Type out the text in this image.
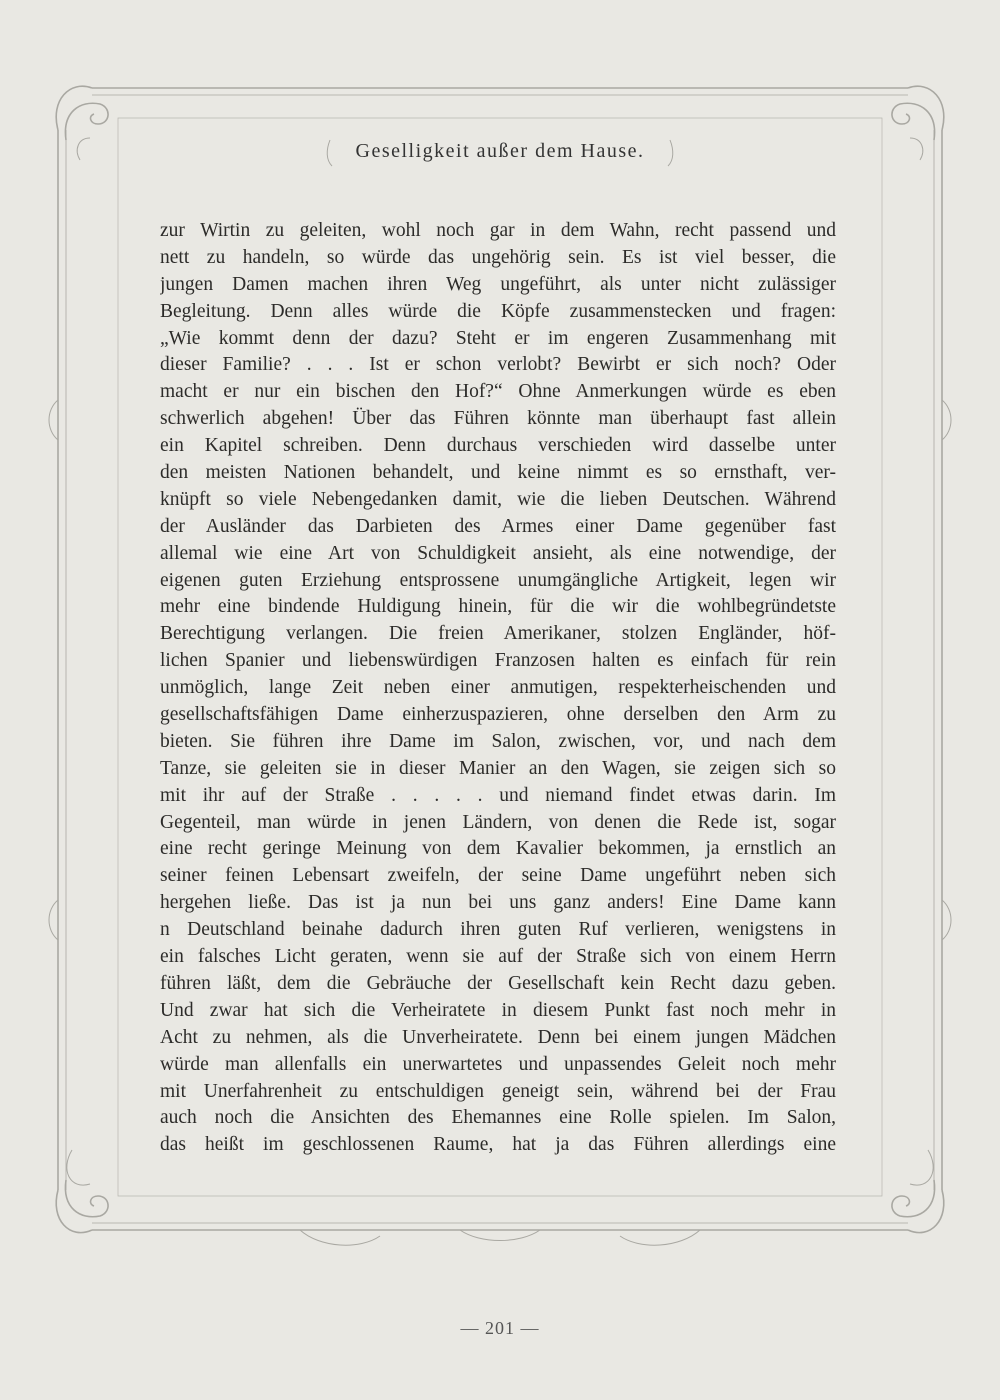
Geselligkeit außer dem Hause.
zur Wirtin zu geleiten, wohl noch gar in dem Wahn, recht passend und
nett zu handeln, so würde das ungehörig sein. Es ist viel besser, die
jungen Damen machen ihren Weg ungeführt, als unter nicht zulässiger
Begleitung. Denn alles würde die Köpfe zusammenstecken und fragen:
„Wie kommt denn der dazu? Steht er im engeren Zusammenhang mit
dieser Familie? . . . Ist er schon verlobt? Bewirbt er sich noch? Oder
macht er nur ein bischen den Hof?“ Ohne Anmerkungen würde es eben
schwerlich abgehen! Über das Führen könnte man überhaupt fast allein
ein Kapitel schreiben. Denn durchaus verschieden wird dasselbe unter
den meisten Nationen behandelt, und keine nimmt es so ernsthaft, ver-
knüpft so viele Nebengedanken damit, wie die lieben Deutschen. Während
der Ausländer das Darbieten des Armes einer Dame gegenüber fast
allemal wie eine Art von Schuldigkeit ansieht, als eine notwendige, der
eigenen guten Erziehung entsprossene unumgängliche Artigkeit, legen wir
mehr eine bindende Huldigung hinein, für die wir die wohlbegründetste
Berechtigung verlangen. Die freien Amerikaner, stolzen Engländer, höf-
lichen Spanier und liebenswürdigen Franzosen halten es einfach für rein
unmöglich, lange Zeit neben einer anmutigen, respekterheischenden und
gesellschaftsfähigen Dame einherzuspazieren, ohne derselben den Arm zu
bieten. Sie führen ihre Dame im Salon, zwischen, vor, und nach dem
Tanze, sie geleiten sie in dieser Manier an den Wagen, sie zeigen sich so
mit ihr auf der Straße . . . . . und niemand findet etwas darin. Im
Gegenteil, man würde in jenen Ländern, von denen die Rede ist, sogar
eine recht geringe Meinung von dem Kavalier bekommen, ja ernstlich an
seiner feinen Lebensart zweifeln, der seine Dame ungeführt neben sich
hergehen ließe. Das ist ja nun bei uns ganz anders! Eine Dame kann
n Deutschland beinahe dadurch ihren guten Ruf verlieren, wenigstens in
ein falsches Licht geraten, wenn sie auf der Straße sich von einem Herrn
führen läßt, dem die Gebräuche der Gesellschaft kein Recht dazu geben.
Und zwar hat sich die Verheiratete in diesem Punkt fast noch mehr in
Acht zu nehmen, als die Unverheiratete. Denn bei einem jungen Mädchen
würde man allenfalls ein unerwartetes und unpassendes Geleit noch mehr
mit Unerfahrenheit zu entschuldigen geneigt sein, während bei der Frau
auch noch die Ansichten des Ehemannes eine Rolle spielen. Im Salon,
das heißt im geschlossenen Raume, hat ja das Führen allerdings eine
— 201 —
